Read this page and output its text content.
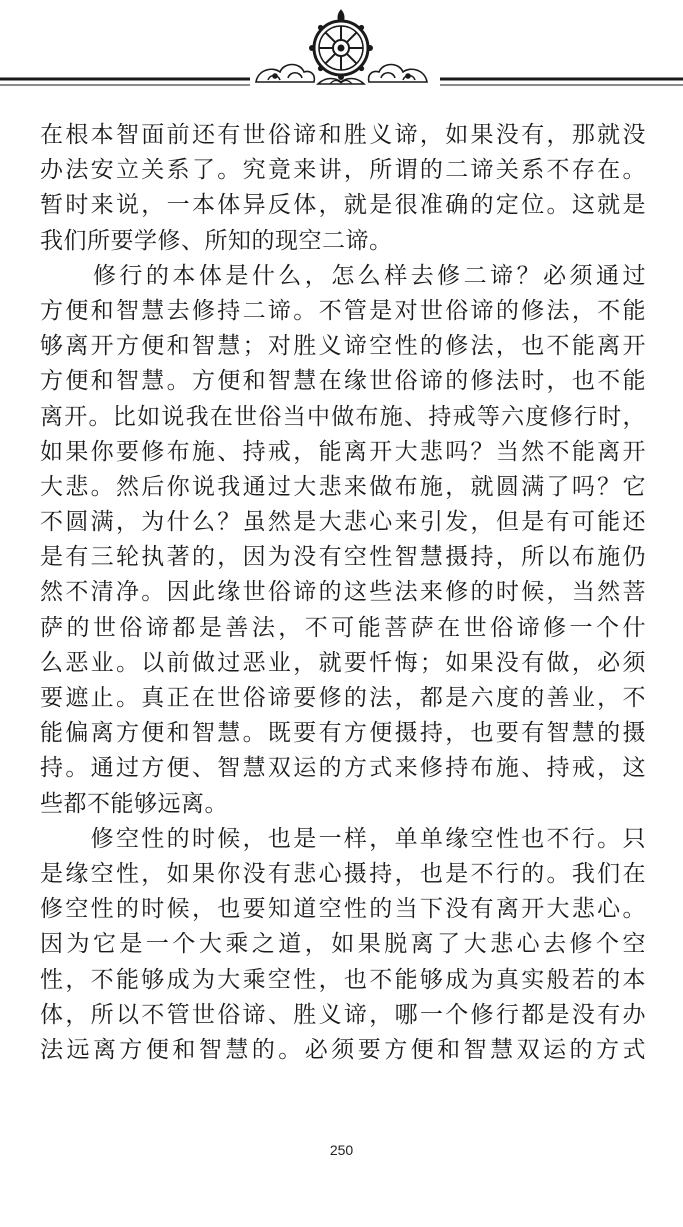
在根本智面前还有世俗谛和胜义谛，如果没有，那就没
办法安立关系了。究竟来讲，所谓的二谛关系不存在。
暂时来说，一本体异反体，就是很准确的定位。这就是
我们所要学修、所知的现空二谛。
　　修行的本体是什么，怎么样去修二谛？必须通过
方便和智慧去修持二谛。不管是对世俗谛的修法，不能
够离开方便和智慧；对胜义谛空性的修法，也不能离开
方便和智慧。方便和智慧在缘世俗谛的修法时，也不能
离开。比如说我在世俗当中做布施、持戒等六度修行时，
如果你要修布施、持戒，能离开大悲吗？当然不能离开
大悲。然后你说我通过大悲来做布施，就圆满了吗？它
不圆满，为什么？虽然是大悲心来引发，但是有可能还
是有三轮执著的，因为没有空性智慧摄持，所以布施仍
然不清净。因此缘世俗谛的这些法来修的时候，当然菩
萨的世俗谛都是善法，不可能菩萨在世俗谛修一个什
么恶业。以前做过恶业，就要忏悔；如果没有做，必须
要遮止。真正在世俗谛要修的法，都是六度的善业，不
能偏离方便和智慧。既要有方便摄持，也要有智慧的摄
持。通过方便、智慧双运的方式来修持布施、持戒，这
些都不能够远离。
　　修空性的时候，也是一样，单单缘空性也不行。只
是缘空性，如果你没有悲心摄持，也是不行的。我们在
修空性的时候，也要知道空性的当下没有离开大悲心。
因为它是一个大乘之道，如果脱离了大悲心去修个空
性，不能够成为大乘空性，也不能够成为真实般若的本
体，所以不管世俗谛、胜义谛，哪一个修行都是没有办
法远离方便和智慧的。必须要方便和智慧双运的方式
250
